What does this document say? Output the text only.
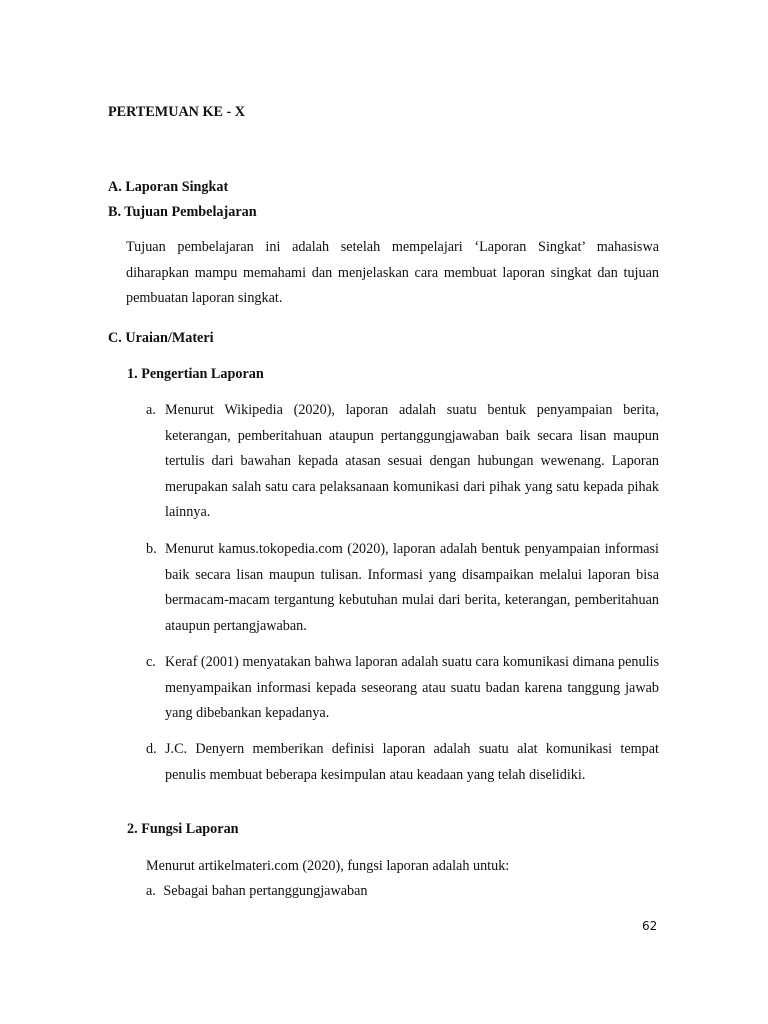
PERTEMUAN KE - X
A. Laporan Singkat
B. Tujuan Pembelajaran
Tujuan pembelajaran ini adalah setelah mempelajari ‘Laporan Singkat’ mahasiswa diharapkan mampu memahami dan menjelaskan cara membuat laporan singkat dan tujuan pembuatan laporan singkat.
C. Uraian/Materi
1. Pengertian Laporan
a. Menurut Wikipedia (2020), laporan adalah suatu bentuk penyampaian berita, keterangan, pemberitahuan ataupun pertanggungjawaban baik secara lisan maupun tertulis dari bawahan kepada atasan sesuai dengan hubungan wewenang. Laporan merupakan salah satu cara pelaksanaan komunikasi dari pihak yang satu kepada pihak lainnya.
b. Menurut kamus.tokopedia.com (2020), laporan adalah bentuk penyampaian informasi baik secara lisan maupun tulisan. Informasi yang disampaikan melalui laporan bisa bermacam-macam tergantung kebutuhan mulai dari berita, keterangan, pemberitahuan ataupun pertangjawaban.
c. Keraf (2001) menyatakan bahwa laporan adalah suatu cara komunikasi dimana penulis menyampaikan informasi kepada seseorang atau suatu badan karena tanggung jawab yang dibebankan kepadanya.
d. J.C. Denyern memberikan definisi laporan adalah suatu alat komunikasi tempat penulis membuat beberapa kesimpulan atau keadaan yang telah diselidiki.
2. Fungsi Laporan
Menurut artikelmateri.com (2020), fungsi laporan adalah untuk:
a. Sebagai bahan pertanggungjawaban
62
